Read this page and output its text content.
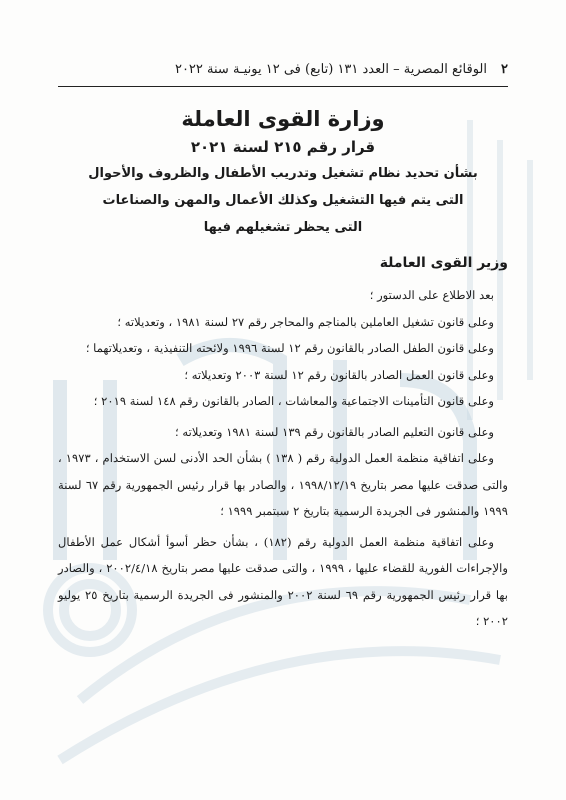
٢
الوقائع المصرية – العدد ١٣١ (تابع) فى ١٢ يونيـة سنة ٢٠٢٢
وزارة القوى العاملة
قرار رقم ٢١٥ لسنة ٢٠٢١
بشأن تحديد نظام تشغيل وتدريب الأطفال والظروف والأحوال
التى يتم فيها التشغيل وكذلك الأعمال والمهن والصناعات
التى يحظر تشغيلهم فيها
وزير القوى العاملة

بعد الاطلاع على الدستور ؛

وعلى قانون تشغيل العاملين بالمناجم والمحاجر رقم ٢٧ لسنة ١٩٨١ ، وتعديلاته ؛

وعلى قانون الطفل الصادر بالقانون رقم ١٢ لسنة ١٩٩٦ ولائحته التنفيذية ، وتعديلاتهما ؛

وعلى قانون العمل الصادر بالقانون رقم ١٢ لسنة ٢٠٠٣ وتعديلاته ؛

وعلى قانون التأمينات الاجتماعية والمعاشات ، الصادر بالقانون رقم ١٤٨ لسنة ٢٠١٩ ؛

وعلى قانون التعليم الصادر بالقانون رقم ١٣٩ لسنة ١٩٨١ وتعديلاته ؛

وعلى اتفاقية منظمة العمل الدولية رقم ( ١٣٨ ) بشأن الحد الأدنى لسن الاستخدام ، ١٩٧٣ ، والتى صدقت عليها مصر بتاريخ ١٩٩٨/١٢/١٩ ، والصادر بها قرار رئيس الجمهورية رقم ٦٧ لسنة ١٩٩٩ والمنشور فى الجريدة الرسمية بتاريخ ٢ سبتمبر ١٩٩٩ ؛

وعلى اتفاقية منظمة العمل الدولية رقم (١٨٢) ، بشأن حظر أسوأ أشكال عمل الأطفال والإجراءات الفورية للقضاء عليها ، ١٩٩٩ ، والتى صدقت عليها مصر بتاريخ ٢٠٠٢/٤/١٨ ، والصادر بها قرار رئيس الجمهورية رقم ٦٩ لسنة ٢٠٠٢ والمنشور فى الجريدة الرسمية بتاريخ ٢٥ يوليو ٢٠٠٢ ؛
